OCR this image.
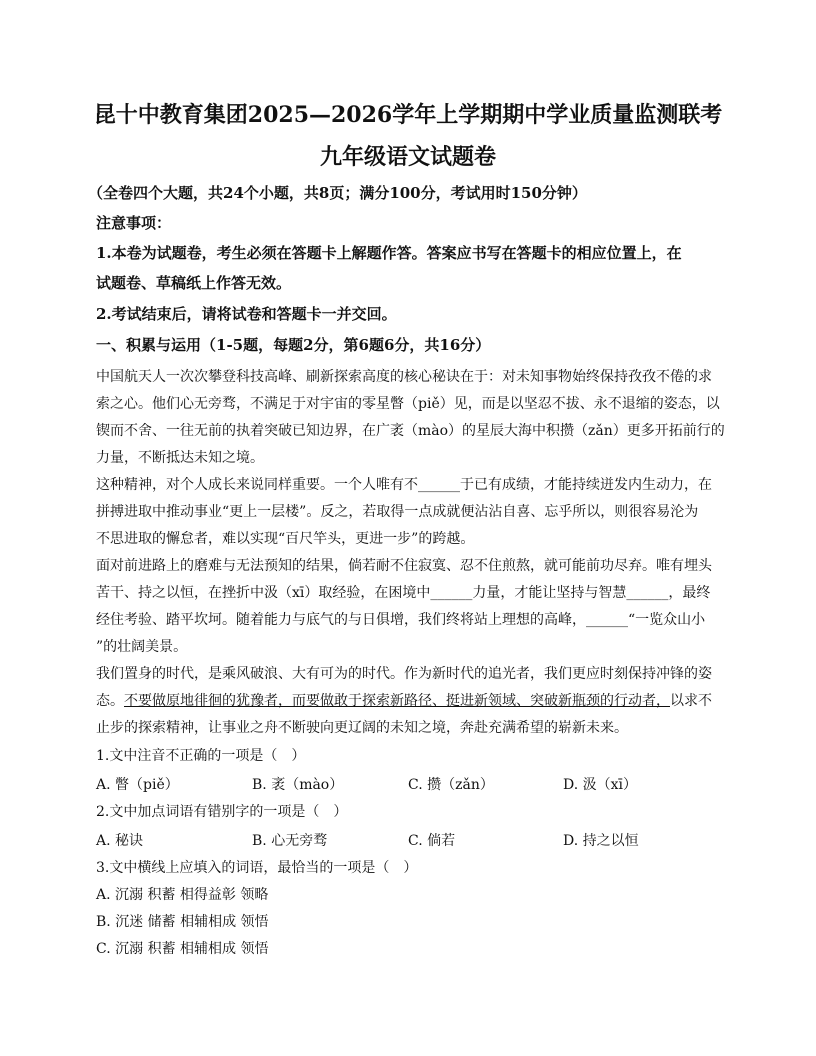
昆十中教育集团2025—2026学年上学期期中学业质量监测联考
九年级语文试题卷
（全卷四个大题，共24个小题，共8页；满分100分，考试用时150分钟）
注意事项：
1.本卷为试题卷，考生必须在答题卡上解题作答。答案应书写在答题卡的相应位置上，在
试题卷、草稿纸上作答无效。
2.考试结束后，请将试卷和答题卡一并交回。
一、积累与运用（1-5题，每题2分，第6题6分，共16分）
中国航天人一次次攀登科技高峰、刷新探索高度的核心秘诀在于：对未知事物始终保持孜孜不倦的求
索之心。他们心无旁骛，不满足于对宇宙的零星瞥（piě）见，而是以坚忍不拔、永不退缩的姿态，以
锲而不舍、一往无前的执着突破已知边界，在广袤（mào）的星辰大海中积攒（zǎn）更多开拓前行的
力量，不断抵达未知之境。
这种精神，对个人成长来说同样重要。一个人唯有不______于已有成绩，才能持续迸发内生动力，在
拼搏进取中推动事业“更上一层楼”。反之，若取得一点成就便沾沾自喜、忘乎所以，则很容易沦为
不思进取的懈怠者，难以实现“百尺竿头，更进一步”的跨越。
面对前进路上的磨难与无法预知的结果，倘若耐不住寂寞、忍不住煎熬，就可能前功尽弃。唯有埋头
苦干、持之以恒，在挫折中汲（xī）取经验，在困境中______力量，才能让坚持与智慧______，最终
经住考验、踏平坎坷。随着能力与底气的与日俱增，我们终将站上理想的高峰，______“一览众山小
”的壮阔美景。
我们置身的时代，是乘风破浪、大有可为的时代。作为新时代的追光者，我们更应时刻保持冲锋的姿
态。不要做原地徘徊的犹豫者，而要做敢于探索新路径、挺进新领域、突破新瓶颈的行动者，以求不
止步的探索精神，让事业之舟不断驶向更辽阔的未知之境，奔赴充满希望的崭新未来。
1.文中注音不正确的一项是（　）
A. 瞥（piě）	B. 袤（mào）	C. 攒（zǎn）	D. 汲（xī）
2.文中加点词语有错别字的一项是（　）
A. 秘诀	B. 心无旁骛	C. 倘若	D. 持之以恒
3.文中横线上应填入的词语，最恰当的一项是（　）
A. 沉溺 积蓄 相得益彰 领略
B. 沉迷 储蓄 相辅相成 领悟
C. 沉溺 积蓄 相辅相成 领悟
